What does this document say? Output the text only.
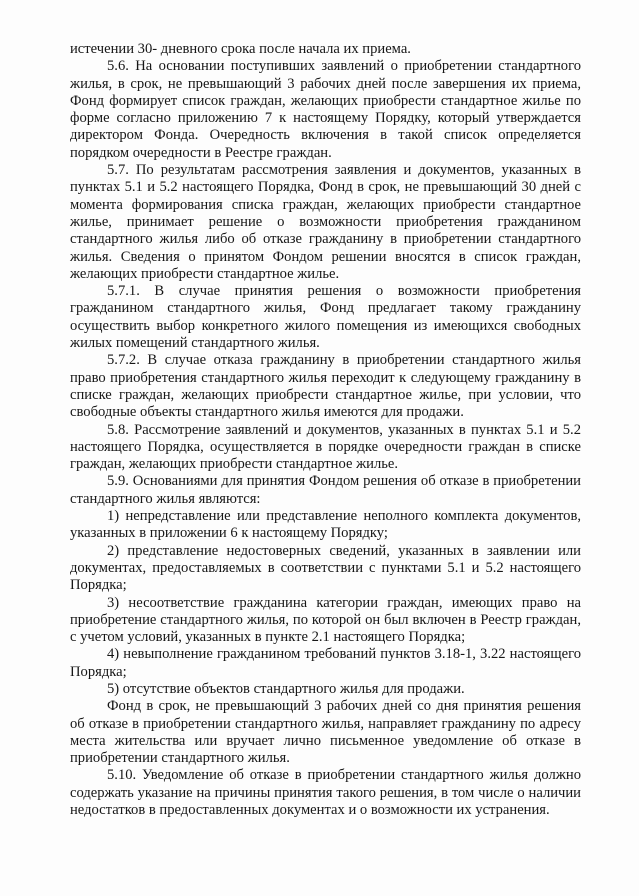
истечении 30- дневного срока после начала их приема.

5.6. На основании поступивших заявлений о приобретении стандартного жилья, в срок, не превышающий 3 рабочих дней после завершения их приема, Фонд формирует список граждан, желающих приобрести стандартное жилье по форме согласно приложению 7 к настоящему Порядку, который утверждается директором Фонда. Очередность включения в такой список определяется порядком очередности в Реестре граждан.

5.7. По результатам рассмотрения заявления и документов, указанных в пунктах 5.1 и 5.2 настоящего Порядка, Фонд в срок, не превышающий 30 дней с момента формирования списка граждан, желающих приобрести стандартное жилье, принимает решение о возможности приобретения гражданином стандартного жилья либо об отказе гражданину в приобретении стандартного жилья. Сведения о принятом Фондом решении вносятся в список граждан, желающих приобрести стандартное жилье.

5.7.1. В случае принятия решения о возможности приобретения гражданином стандартного жилья, Фонд предлагает такому гражданину осуществить выбор конкретного жилого помещения из имеющихся свободных жилых помещений стандартного жилья.

5.7.2. В случае отказа гражданину в приобретении стандартного жилья право приобретения стандартного жилья переходит к следующему гражданину в списке граждан, желающих приобрести стандартное жилье, при условии, что свободные объекты стандартного жилья имеются для продажи.

5.8. Рассмотрение заявлений и документов, указанных в пунктах 5.1 и 5.2 настоящего Порядка, осуществляется в порядке очередности граждан в списке граждан, желающих приобрести стандартное жилье.

5.9. Основаниями для принятия Фондом решения об отказе в приобретении стандартного жилья являются:

1) непредставление или представление неполного комплекта документов, указанных в приложении 6 к настоящему Порядку;

2) представление недостоверных сведений, указанных в заявлении или документах, предоставляемых в соответствии с пунктами 5.1 и 5.2 настоящего Порядка;

3) несоответствие гражданина категории граждан, имеющих право на приобретение стандартного жилья, по которой он был включен в Реестр граждан, с учетом условий, указанных в пункте 2.1 настоящего Порядка;

4) невыполнение гражданином требований пунктов 3.18-1, 3.22 настоящего Порядка;

5) отсутствие объектов стандартного жилья для продажи.

Фонд в срок, не превышающий 3 рабочих дней со дня принятия решения об отказе в приобретении стандартного жилья, направляет гражданину по адресу места жительства или вручает лично письменное уведомление об отказе в приобретении стандартного жилья.

5.10. Уведомление об отказе в приобретении стандартного жилья должно содержать указание на причины принятия такого решения, в том числе о наличии недостатков в предоставленных документах и о возможности их устранения.
